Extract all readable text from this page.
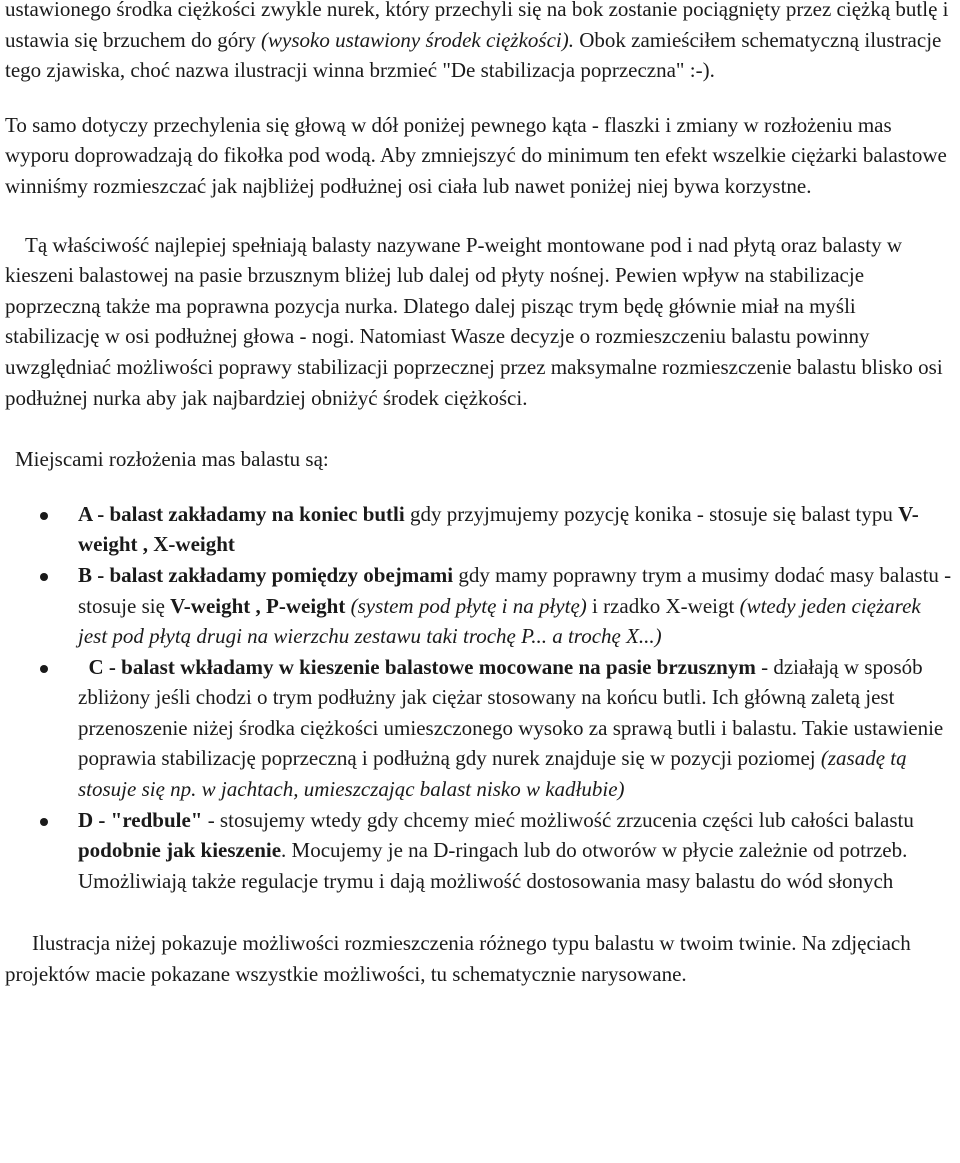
ustawionego środka ciężkości zwykle nurek, który przechyli się na bok zostanie pociągnięty przez ciężką butlę i ustawia się brzuchem do góry (wysoko ustawiony środek ciężkości). Obok zamieściłem schematyczną ilustracje tego zjawiska, choć nazwa ilustracji winna brzmieć "De stabilizacja poprzeczna" :-).

To samo dotyczy przechylenia się głową w dół poniżej pewnego kąta - flaszki i zmiany w rozłożeniu mas wyporu doprowadzają do fikołka pod wodą. Aby zmniejszyć do minimum ten efekt wszelkie ciężarki balastowe winniśmy rozmieszczać jak najbliżej podłużnej osi ciała lub nawet poniżej niej bywa korzystne.

Tą właściwość najlepiej spełniają balasty nazywane P-weight montowane pod i nad płytą oraz balasty w kieszeni balastowej na pasie brzusznym bliżej lub dalej od płyty nośnej. Pewien wpływ na stabilizacje poprzeczną także ma poprawna pozycja nurka. Dlatego dalej pisząc trym będę głównie miał na myśli stabilizację w osi podłużnej głowa - nogi. Natomiast Wasze decyzje o rozmieszczeniu balastu powinny uwzględniać możliwości poprawy stabilizacji poprzecznej przez maksymalne rozmieszczenie balastu blisko osi podłużnej nurka aby jak najbardziej obniżyć środek ciężkości.

Miejscami rozłożenia mas balastu są:

A - balast zakładamy na koniec butli gdy przyjmujemy pozycję konika - stosuje się balast typu V-weight , X-weight
B - balast zakładamy pomiędzy obejmami gdy mamy poprawny trym a musimy dodać masy balastu - stosuje się V-weight , P-weight (system pod płytę i na płytę) i rzadko X-weigt (wtedy jeden ciężarek jest pod płytą drugi na wierzchu zestawu taki trochę P... a trochę X...)
C - balast wkładamy w kieszenie balastowe mocowane na pasie brzusznym - działają w sposób zbliżony jeśli chodzi o trym podłużny jak ciężar stosowany na końcu butli. Ich główną zaletą jest przenoszenie niżej środka ciężkości umieszczonego wysoko za sprawą butli i balastu. Takie ustawienie poprawia stabilizację poprzeczną i podłużną gdy nurek znajduje się w pozycji poziomej (zasadę tą stosuje się np. w jachtach, umieszczając balast nisko w kadłubie)
D - "redbule" - stosujemy wtedy gdy chcemy mieć możliwość zrzucenia części lub całości balastu podobnie jak kieszenie. Mocujemy je na D-ringach lub do otworów w płycie zależnie od potrzeb. Umożliwiają także regulacje trymu i dają możliwość dostosowania masy balastu do wód słonych

Ilustracja niżej pokazuje możliwości rozmieszczenia różnego typu balastu w twoim twinie. Na zdjęciach projektów macie pokazane wszystkie możliwości, tu schematycznie narysowane.
